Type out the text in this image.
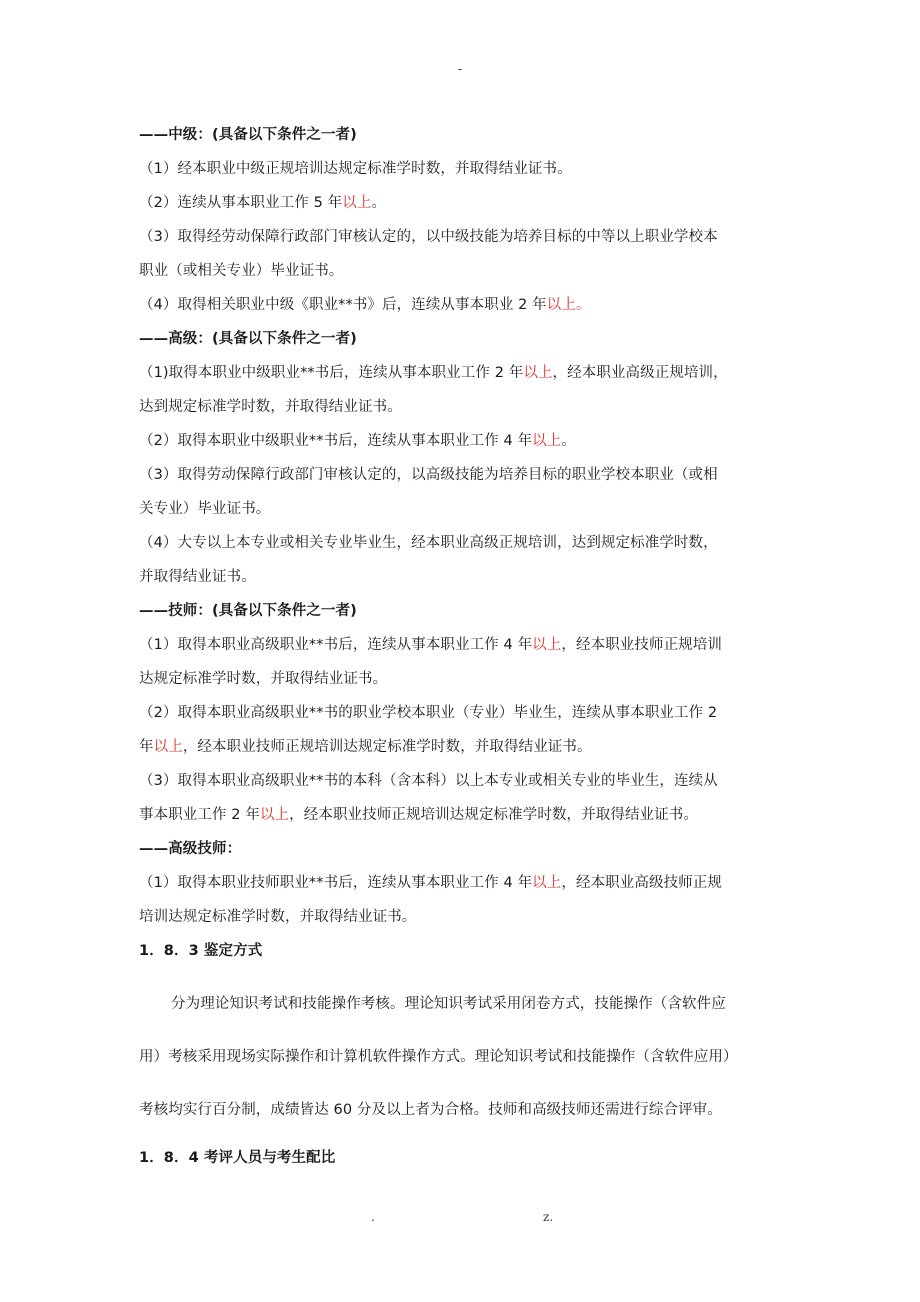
-
——中级：(具备以下条件之一者)
（1）经本职业中级正规培训达规定标准学时数，并取得结业证书。
（2）连续从事本职业工作 5 年以上。
（3）取得经劳动保障行政部门审核认定的，以中级技能为培养目标的中等以上职业学校本
职业（或相关专业）毕业证书。
（4）取得相关职业中级《职业**书》后，连续从事本职业 2 年以上。
——高级：(具备以下条件之一者)
（1)取得本职业中级职业**书后，连续从事本职业工作 2 年以上，经本职业高级正规培训，
达到规定标准学时数，并取得结业证书。
（2）取得本职业中级职业**书后，连续从事本职业工作 4 年以上。
（3）取得劳动保障行政部门审核认定的，以高级技能为培养目标的职业学校本职业（或相
关专业）毕业证书。
（4）大专以上本专业或相关专业毕业生，经本职业高级正规培训，达到规定标准学时数，
并取得结业证书。
——技师：(具备以下条件之一者)
（1）取得本职业高级职业**书后，连续从事本职业工作 4 年以上，经本职业技师正规培训
达规定标准学时数，并取得结业证书。
（2）取得本职业高级职业**书的职业学校本职业（专业）毕业生，连续从事本职业工作 2
年以上，经本职业技师正规培训达规定标准学时数，并取得结业证书。
（3）取得本职业高级职业**书的本科（含本科）以上本专业或相关专业的毕业生，连续从
事本职业工作 2 年以上，经本职业技师正规培训达规定标准学时数，并取得结业证书。
——高级技师：
（1）取得本职业技师职业**书后，连续从事本职业工作 4 年以上，经本职业高级技师正规
培训达规定标准学时数，并取得结业证书。
1．8．3 鉴定方式
分为理论知识考试和技能操作考核。理论知识考试采用闭卷方式，技能操作（含软件应
用）考核采用现场实际操作和计算机软件操作方式。理论知识考试和技能操作（含软件应用）
考核均实行百分制，成绩皆达 60 分及以上者为合格。技师和高级技师还需进行综合评审。
1．8．4 考评人员与考生配比
.	z.
